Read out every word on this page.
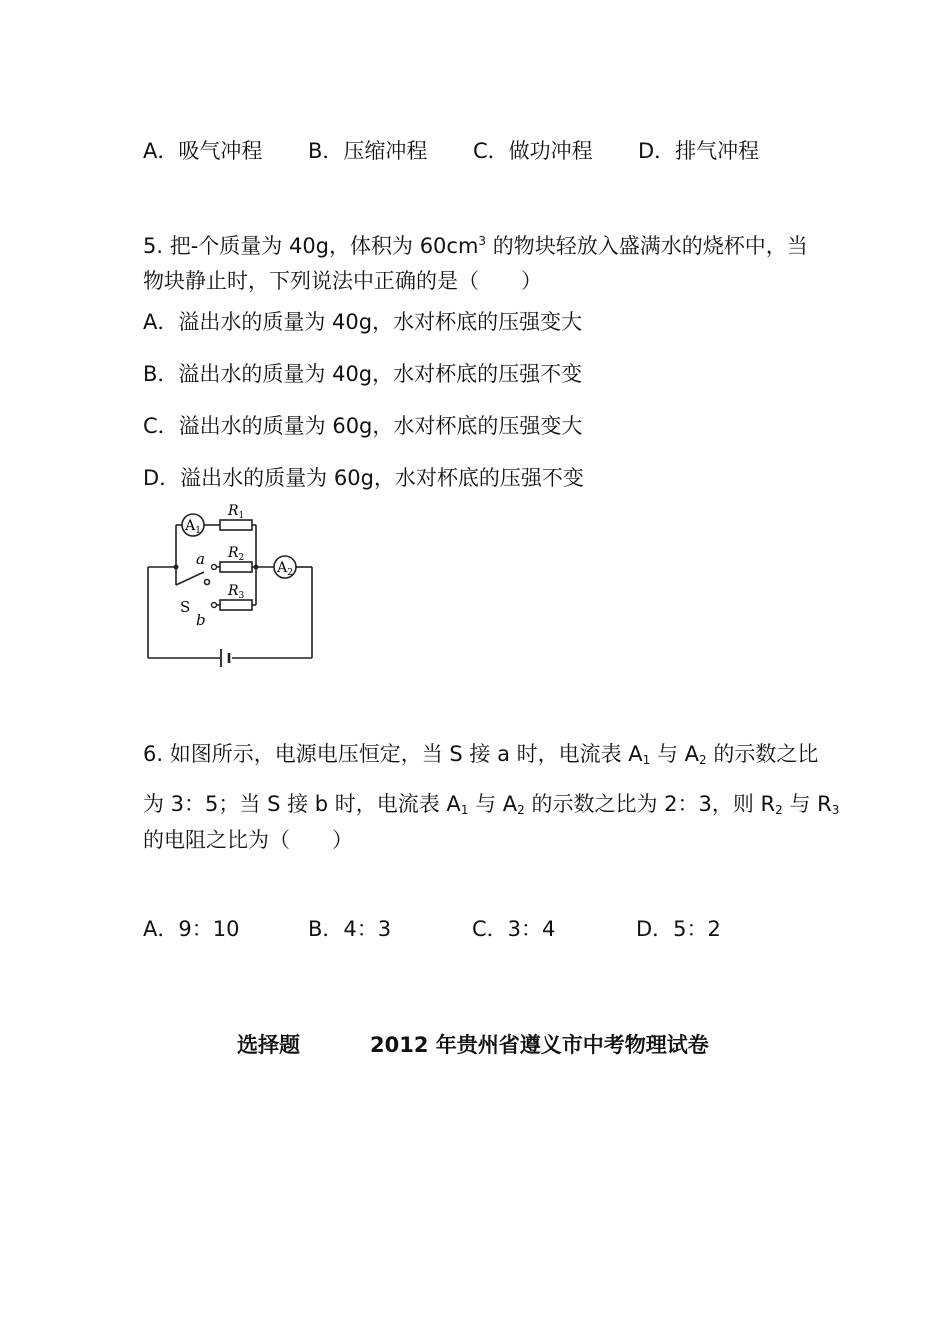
A．吸气冲程 B．压缩冲程 C．做功冲程 D．排气冲程
5. 把-个质量为 40g，体积为 $60cm^3$ 的物块轻放入盛满水的烧杯中，当
物块静止时，下列说法中正确的是（　　）
A．溢出水的质量为 40g，水对杯底的压强变大
B．溢出水的质量为 40g，水对杯底的压强不变
C．溢出水的质量为 60g，水对杯底的压强变大
D．溢出水的质量为 60g，水对杯底的压强不变
$A_1$
$A_2$
$R_1$
$R_2$
$R_3$
a
S
b
6. 如图所示，电源电压恒定，当 S 接 a 时，电流表 $A_1$ 与 $A_2$ 的示数之比
为 3：5；当 S 接 b 时，电流表 $A_1$ 与 $A_2$ 的示数之比为 2：3，则 $R_2$ 与 $R_3$
的电阻之比为（　　）
A．9：10	B．4：3	C．3：4	D．5：2
选择题	2012 年贵州省遵义市中考物理试卷
